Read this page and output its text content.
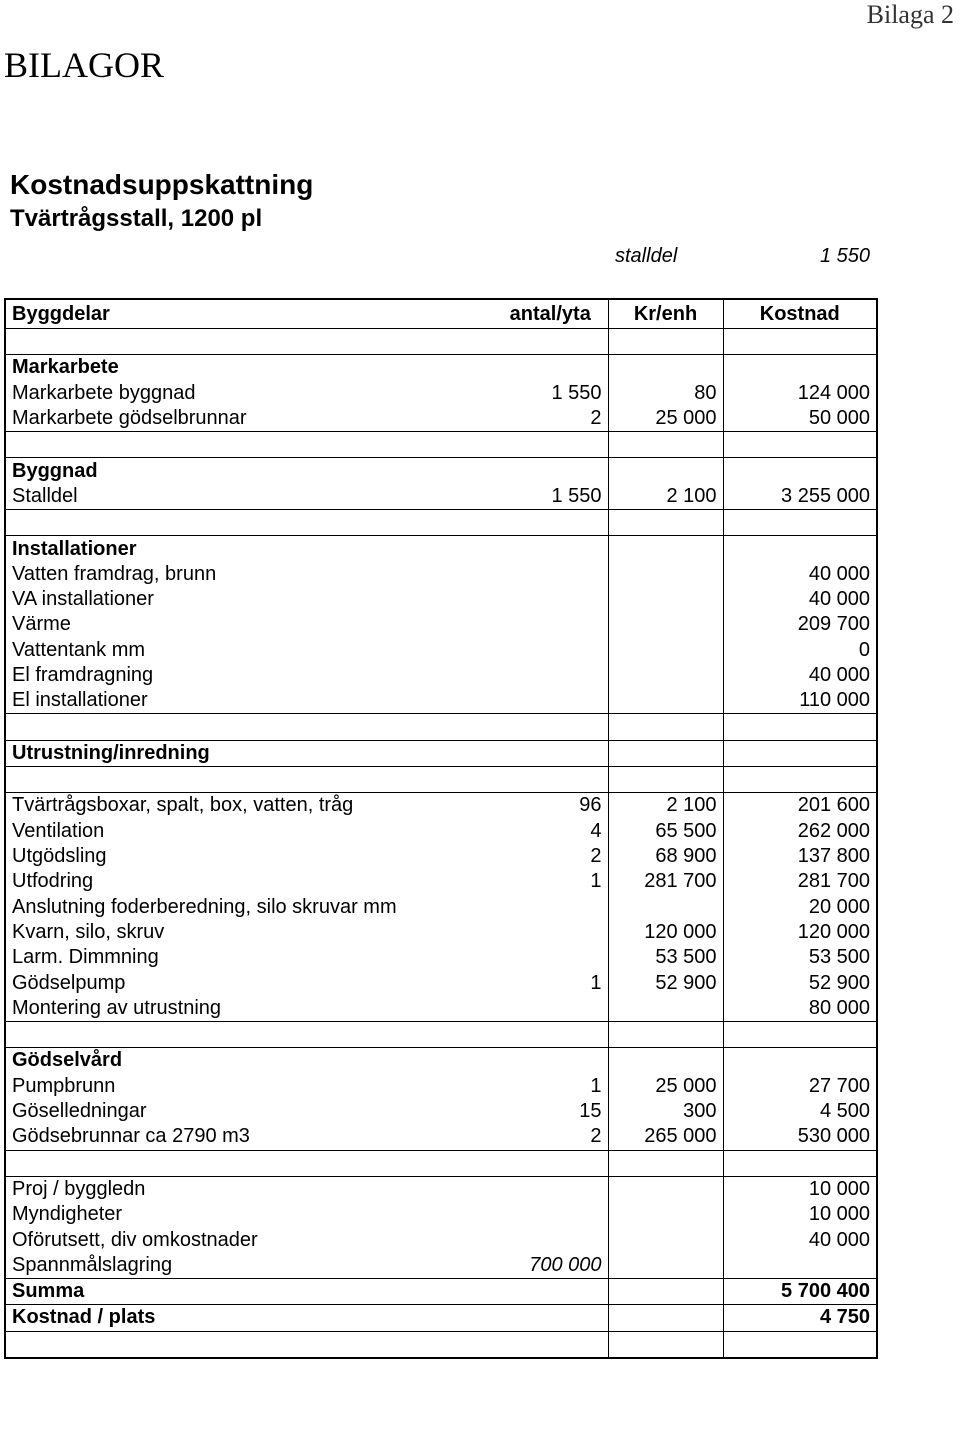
Bilaga 2
BILAGOR
Kostnadsuppskattning
Tvärtrågsstall, 1200 pl
stalldel	1 550
Byggdelar	antal/yta	Kr/enh	Kostnad

Markarbete			
Markarbete byggnad	1 550	80	124 000
Markarbete gödselbrunnar	2	25 000	50 000

Byggnad			
Stalldel	1 550	2 100	3 255 000

Installationer			
Vatten framdrag, brunn			40 000
VA installationer			40 000
Värme			209 700
Vattentank mm			0
El framdragning			40 000
El installationer			110 000

Utrustning/inredning			

Tvärtrågsboxar, spalt, box, vatten, tråg	96	2 100	201 600
Ventilation	4	65 500	262 000
Utgödsling	2	68 900	137 800
Utfodring	1	281 700	281 700
Anslutning foderberedning, silo skruvar mm			20 000
Kvarn, silo, skruv		120 000	120 000
Larm. Dimmning		53 500	53 500
Gödselpump	1	52 900	52 900
Montering av utrustning			80 000

Gödselvård			
Pumpbrunn	1	25 000	27 700
Göselledningar	15	300	4 500
Gödsebrunnar ca 2790 m3	2	265 000	530 000

Proj / byggledn			10 000
Myndigheter			10 000
Oförutsett, div omkostnader			40 000
Spannmålslagring	700 000		
Summa			5 700 400
Kostnad / plats			4 750
